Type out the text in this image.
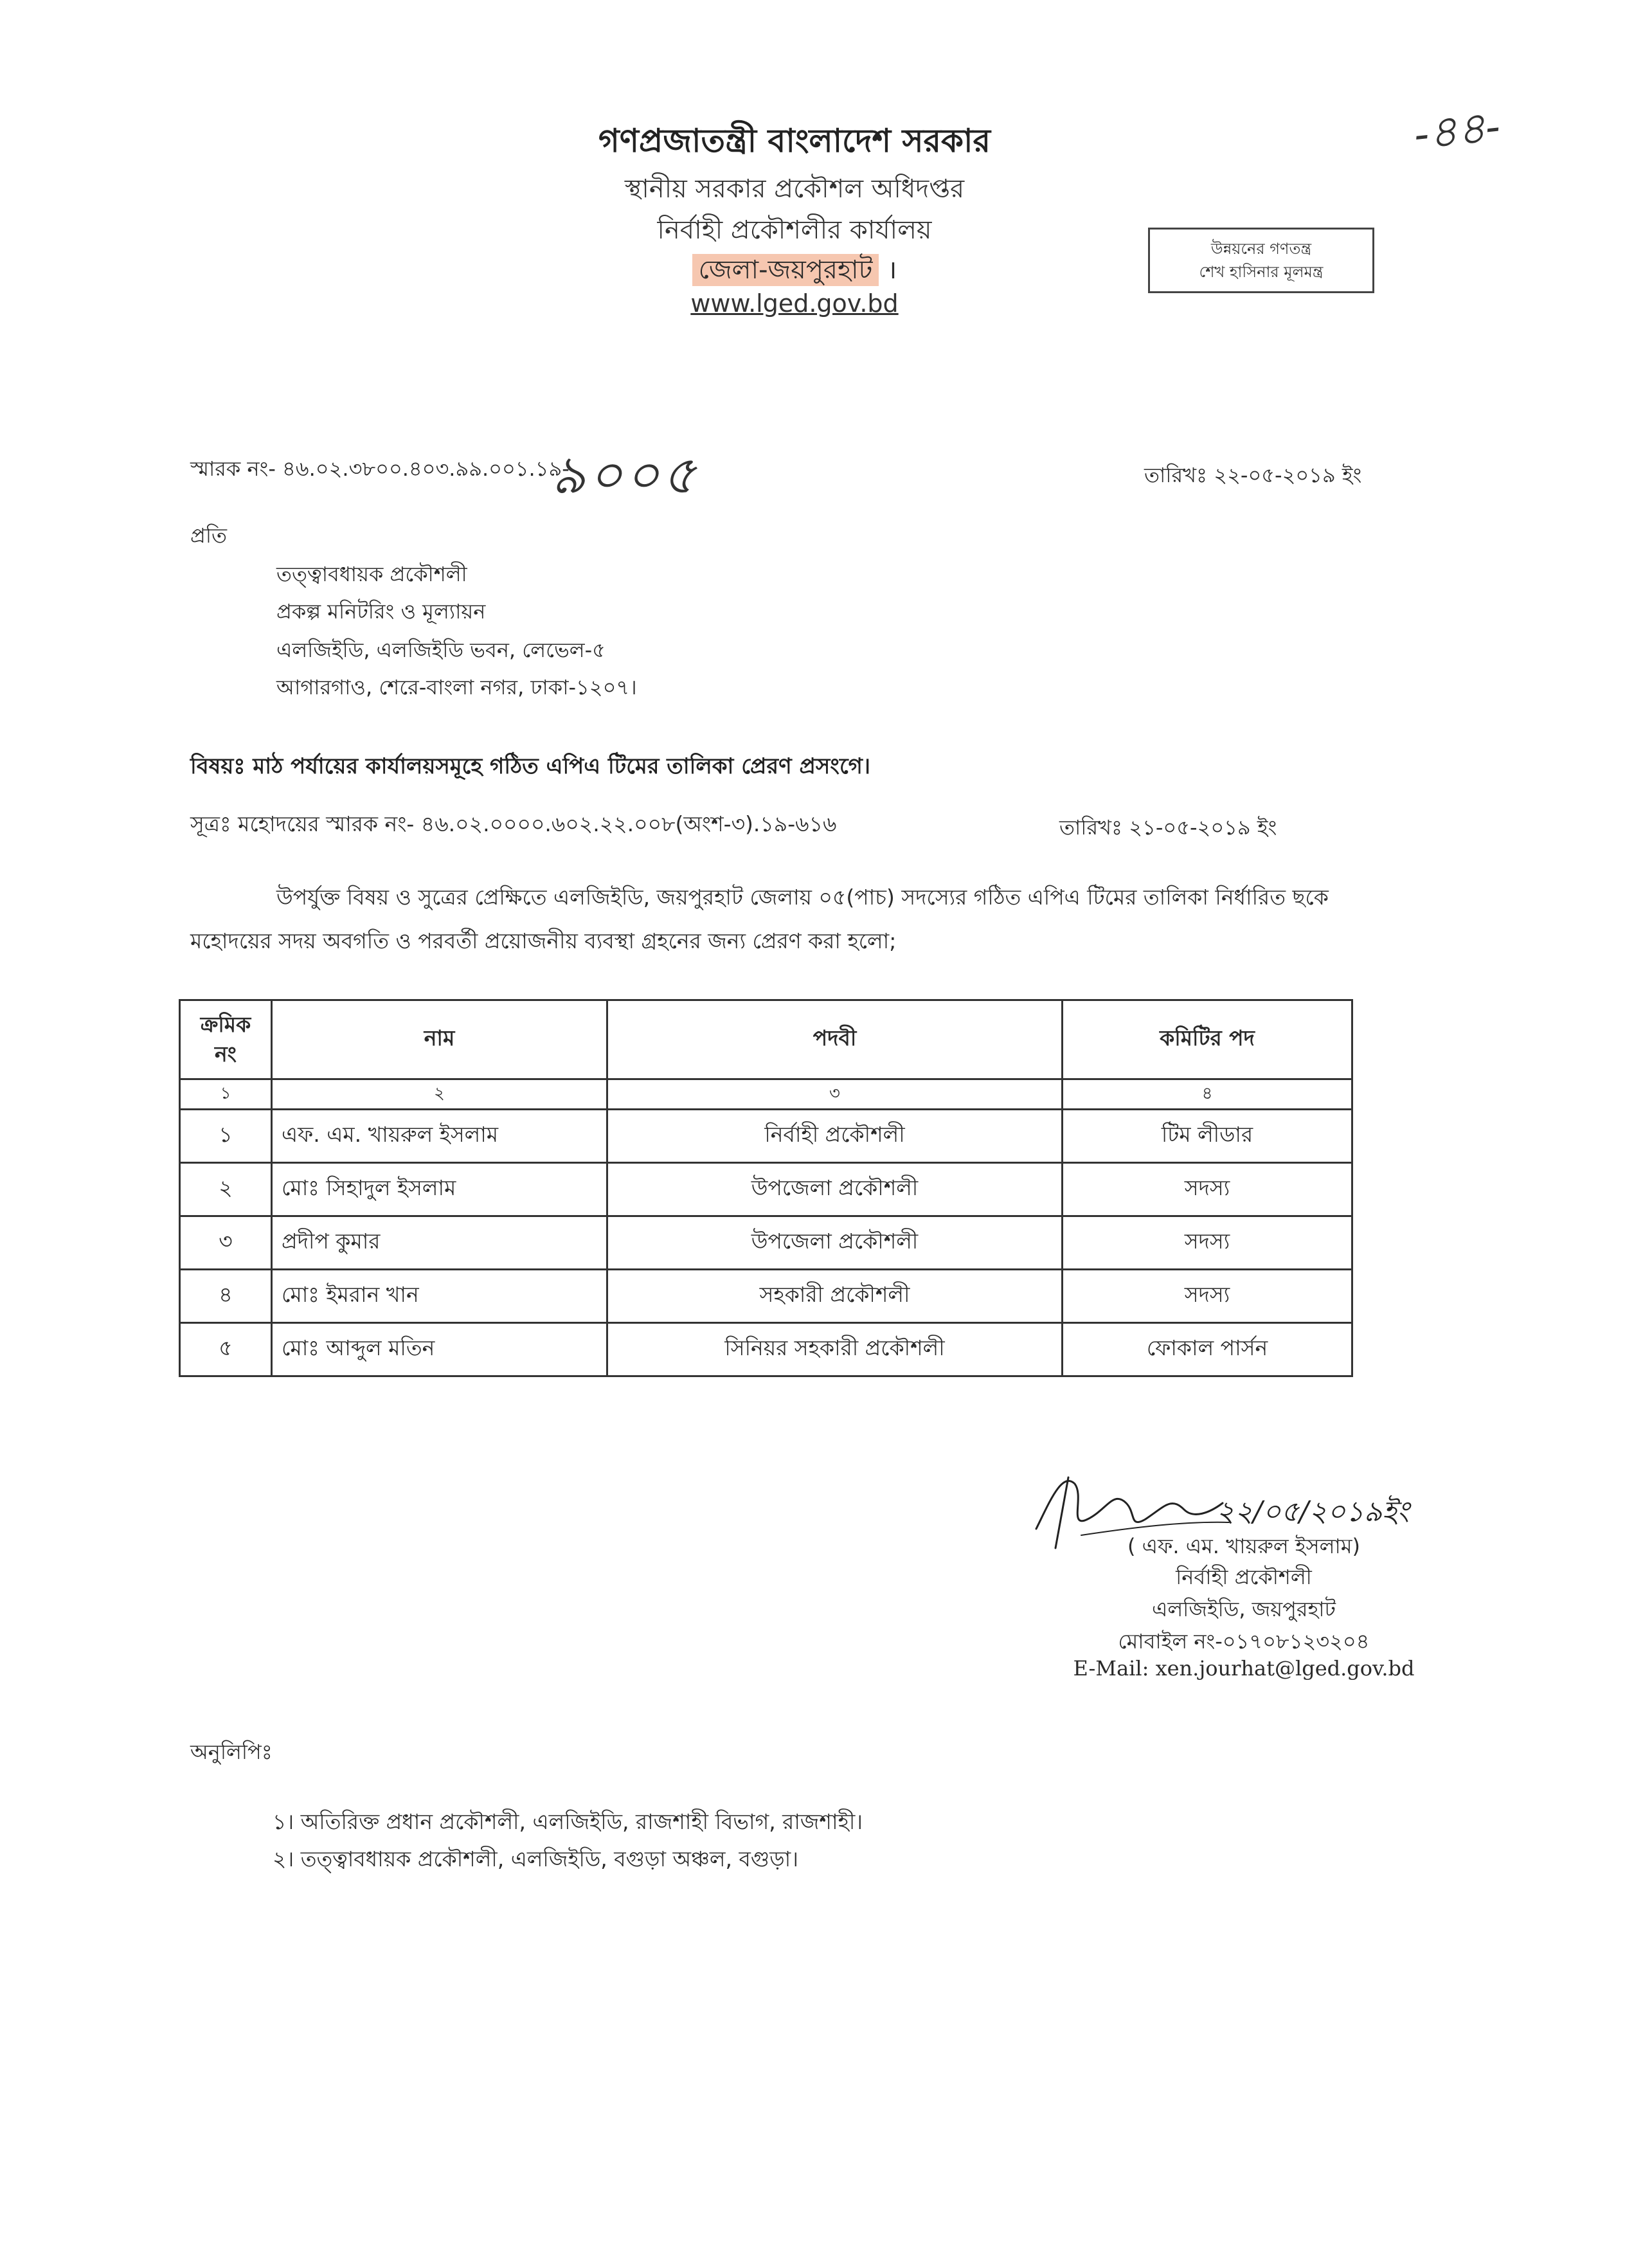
গণপ্রজাতন্ত্রী বাংলাদেশ সরকার
স্থানীয় সরকার প্রকৌশল অধিদপ্তর
নির্বাহী প্রকৌশলীর কার্যালয়
জেলা-জয়পুরহাট ।
www.lged.gov.bd
উন্নয়নের গণতন্ত্র
শেখ হাসিনার মূলমন্ত্র
-৪৪-
স্মারক নং- ৪৬.০২.৩৮০০.৪০৩.৯৯.০০১.১৯-
৯০০৫	তারিখঃ ২২-০৫-২০১৯ ইং
প্রতি
তত্ত্বাবধায়ক প্রকৌশলী
প্রকল্প মনিটরিং ও মূল্যায়ন
এলজিইডি, এলজিইডি ভবন, লেভেল-৫
আগারগাও, শেরে-বাংলা নগর, ঢাকা-১২০৭।
বিষয়ঃ মাঠ পর্যায়ের কার্যালয়সমূহে গঠিত এপিএ টিমের তালিকা প্রেরণ প্রসংগে।
সূত্রঃ মহোদয়ের স্মারক নং- ৪৬.০২.০০০০.৬০২.২২.০০৮(অংশ-৩).১৯-৬১৬	তারিখঃ ২১-০৫-২০১৯ ইং
উপর্যুক্ত বিষয় ও সুত্রের প্রেক্ষিতে এলজিইডি, জয়পুরহাট জেলায় ০৫(পাচ) সদস্যের গঠিত এপিএ টিমের তালিকা নির্ধারিত ছকে মহোদয়ের সদয় অবগতি ও পরবর্তী প্রয়োজনীয় ব্যবস্থা গ্রহনের জন্য প্রেরণ করা হলো;
ক্রমিক নং	নাম	পদবী	কমিটির পদ
১	২	৩	৪
১	এফ. এম. খায়রুল ইসলাম	নির্বাহী প্রকৌশলী	টিম লীডার
২	মোঃ সিহাদুল ইসলাম	উপজেলা প্রকৌশলী	সদস্য
৩	প্রদীপ কুমার	উপজেলা প্রকৌশলী	সদস্য
৪	মোঃ ইমরান খান	সহকারী প্রকৌশলী	সদস্য
৫	মোঃ আব্দুল মতিন	সিনিয়র সহকারী প্রকৌশলী	ফোকাল পার্সন
২২/০৫/২০১৯ইং
( এফ. এম. খায়রুল ইসলাম)
নির্বাহী প্রকৌশলী
এলজিইডি, জয়পুরহাট
মোবাইল নং-০১৭০৮১২৩২০৪
E-Mail: xen.jourhat@lged.gov.bd
অনুলিপিঃ
১। অতিরিক্ত প্রধান প্রকৌশলী, এলজিইডি, রাজশাহী বিভাগ, রাজশাহী।
২। তত্ত্বাবধায়ক প্রকৌশলী, এলজিইডি, বগুড়া অঞ্চল, বগুড়া।
